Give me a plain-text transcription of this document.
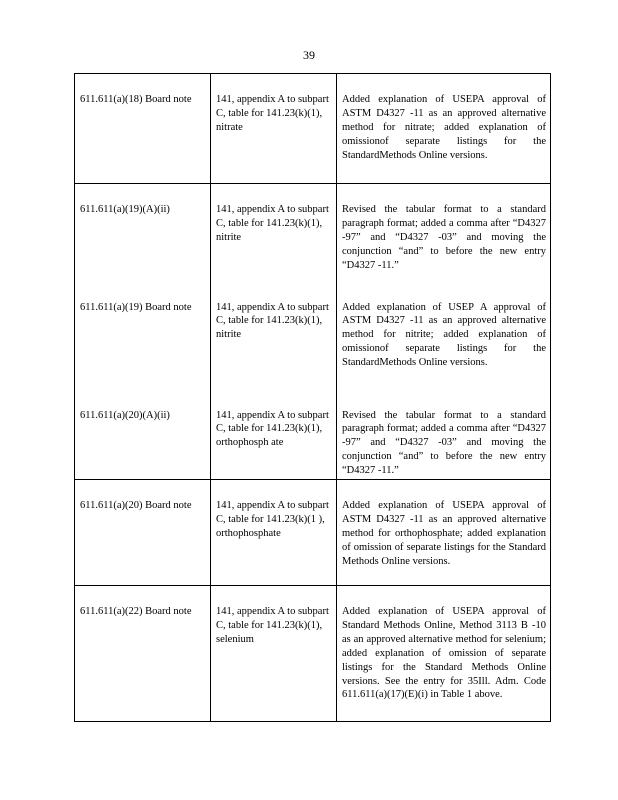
39
611.611(a)(18) Board note	141, appendix A to subpart C, table for 141.23(k)(1), nitrate	Added explanation of USEPA approval of ASTM D4327 -11 as an approved alternative method for nitrate; added explanation of omissionof separate listings for the StandardMethods Online versions.

611.611(a)(19)(A)(ii)	141, appendix A to subpart C, table for 141.23(k)(1), nitrite	Revised the tabular format to a standard paragraph format; added a comma after “D4327 -97” and “D4327 -03” and moving the conjunction “and” to before the new entry “D4327 -11.”

611.611(a)(19) Board note	141, appendix A to subpart C, table for 141.23(k)(1), nitrite	Added explanation of USEP A approval of ASTM D4327 -11 as an approved alternative method for nitrite; added explanation of omissionof separate listings for the StandardMethods Online versions.

611.611(a)(20)(A)(ii)	141, appendix A to subpart C, table for 141.23(k)(1), orthophosph ate	Revised the tabular format to a standard paragraph format; added a comma after “D4327 -97” and “D4327 -03” and moving the conjunction “and” to before the new entry “D4327 -11.”

611.611(a)(20) Board note	141, appendix A to subpart C, table for 141.23(k)(1 ), orthophosphate	Added explanation of USEPA approval of ASTM D4327 -11 as an approved alternative method for orthophosphate; added explanation of omission of separate listings for the Standard Methods Online versions.

611.611(a)(22) Board note	141, appendix A to subpart C, table for 141.23(k)(1), selenium	Added explanation of USEPA approval of Standard Methods Online, Method 3113 B -10 as an approved alternative method for selenium; added explanation of omission of separate listings for the Standard Methods Online versions. See the entry for 35Ill. Adm. Code 611.611(a)(17)(E)(i) in Table 1 above.
